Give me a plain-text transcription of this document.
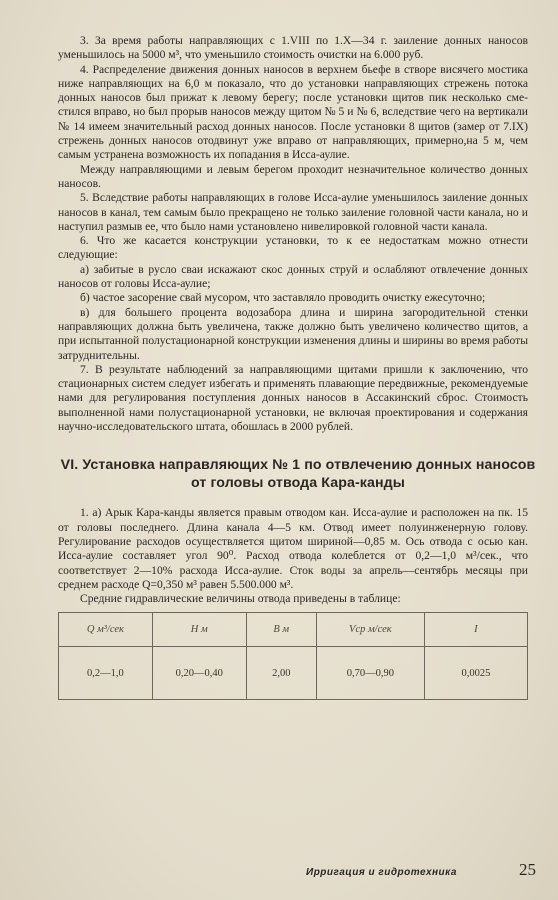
3. За время работы направляющих с 1.VIII по 1.X—34 г. заиление донных наносов уменьшилось на 5000 м³, что уменьшило стоимость очистки на 6.000 руб.

4. Распределение движения донных наносов в верхнем бьефе в створе висячего мостика ниже направляющих на 6,0 м показало, что до установки направляющих стрежень потока донных наносов был прижат к левому берегу; после установки щитов пик несколько сместился вправо, но был прорыв наносов между щитом № 5 и № 6, вследствие чего на вертикали № 14 имеем значительный расход донных наносов. После установки 8 щитов (замер от 7.IX) стрежень донных наносов отодвинут уже вправо от направляющих, примерно,на 5 м, чем самым устранена возможность их попадания в Исса-аулие.

Между направляющими и левым берегом проходит незначительное количество донных наносов.

5. Вследствие работы направляющих в голове Исса-аулие уменьшилось заиление донных наносов в канал, тем самым было прекращено не только заиление головной части канала, но и наступил размыв ее, что было нами установлено нивелировкой головной части канала.

6. Что же касается конструкции установки, то к ее недостаткам можно отнести следующие:

а) забитые в русло сваи искажают скос донных струй и ослабляют отвлечение донных наносов от головы Исса-аулие;

б) частое засорение свай мусором, что заставляло проводить очистку ежесуточно;

в) для большего процента водозабора длина и ширина загородительной стенки направляющих должна быть увеличена, также должно быть увеличено количество щитов, а при испытанной полустационарной конструкции изменения длины и ширины во время работы затруднительны.

7. В результате наблюдений за направляющими щитами пришли к заключению, что стационарных систем следует избегать и применять плавающие передвижные, рекомендуемые нами для регулирования поступления донных наносов в Ассакинский сброс. Стоимость выполненной нами полустационарной установки, не включая проектирования и содержания научно-исследовательского штата, обошлась в 2000 рублей.

VI. Установка направляющих № 1 по отвлечению донных наносов от головы отвода Кара-канды

1. а) Арык Кара-канды является правым отводом кан. Исса-аулие и расположен на пк. 15 от головы последнего. Длина канала 4—5 км. Отвод имеет полуинженерную голову. Регулирование расходов осуществляется щитом шириной—0,85 м. Ось отвода с осью кан. Исса-аулие составляет угол 90⁰. Расход отвода колеблется от 0,2—1,0 м³/сек., что соответствует 2—10% расхода Исса-аулие. Сток воды за апрель—сентябрь месяцы при среднем расходе Q=0,350 м³ равен 5.500.000 м³.

Средние гидравлические величины отвода приведены в таблице:

Q м³/сек	H м	B м	Vср м/сек	I
0,2—1,0	0,20—0,40	2,00	0,70—0,90	0,0025
Ирригация и гидротехника	25
